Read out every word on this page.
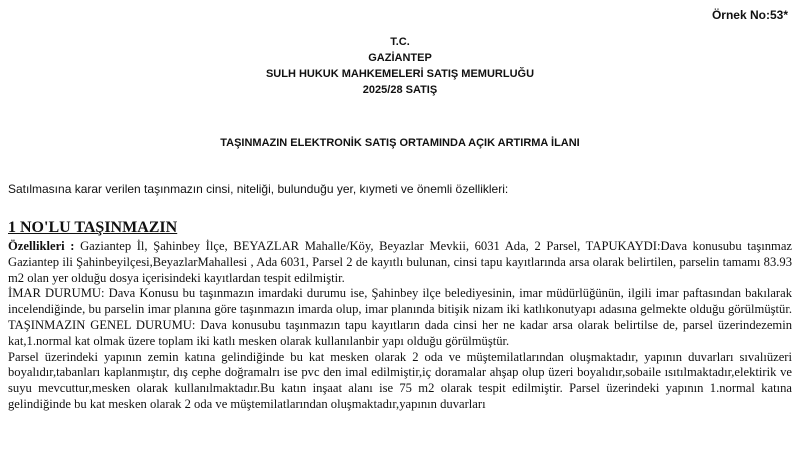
Örnek No:53*
T.C.
GAZİANTEP
SULH HUKUK MAHKEMELERİ SATIŞ MEMURLUĞU
2025/28 SATIŞ
TAŞINMAZIN ELEKTRONİK SATIŞ ORTAMINDA AÇIK ARTIRMA İLANI
Satılmasına karar verilen taşınmazın cinsi, niteliği, bulunduğu yer, kıymeti ve önemli özellikleri:
1 NO'LU TAŞINMAZIN

Özellikleri : Gaziantep İl, Şahinbey İlçe, BEYAZLAR Mahalle/Köy, Beyazlar Mevkii, 6031 Ada, 2 Parsel, TAPUKAYDI:Dava konusubu taşınmaz Gaziantep ili Şahinbeyilçesi,BeyazlarMahallesi , Ada 6031, Parsel 2 de kayıtlı bulunan, cinsi tapu kayıtlarında arsa olarak belirtilen, parselin tamamı 83.93 m2 olan yer olduğu dosya içerisindeki kayıtlardan tespit edilmiştir.

İMAR DURUMU: Dava Konusu bu taşınmazın imardaki durumu ise, Şahinbey ilçe belediyesinin, imar müdürlüğünün, ilgili imar paftasından bakılarak incelendiğinde, bu parselin imar planına göre taşınmazın imarda olup, imar planında bitişik nizam iki katlıkonutyapı adasına gelmekte olduğu görülmüştür. TAŞINMAZIN GENEL DURUMU: Dava konusubu taşınmazın tapu kayıtların dada cinsi her ne kadar arsa olarak belirtilse de, parsel üzerindezemin kat,1.normal kat olmak üzere toplam iki katlı mesken olarak kullanılanbir yapı olduğu görülmüştür.

Parsel üzerindeki yapının zemin katına gelindiğinde bu kat mesken olarak 2 oda ve müştemilatlarından oluşmaktadır, yapının duvarları sıvalıüzeri boyalıdır,tabanları kaplanmıştır, dış cephe doğramalrı ise pvc den imal edilmiştir,iç doramalar ahşap olup üzeri boyalıdır,sobaile ısıtılmaktadır,elektirik ve suyu mevcuttur,mesken olarak kullanılmaktadır.Bu katın inşaat alanı ise 75 m2 olarak tespit edilmiştir. Parsel üzerindeki yapının 1.normal katına gelindiğinde bu kat mesken olarak 2 oda ve müştemilatlarından oluşmaktadır,yapının duvarları
